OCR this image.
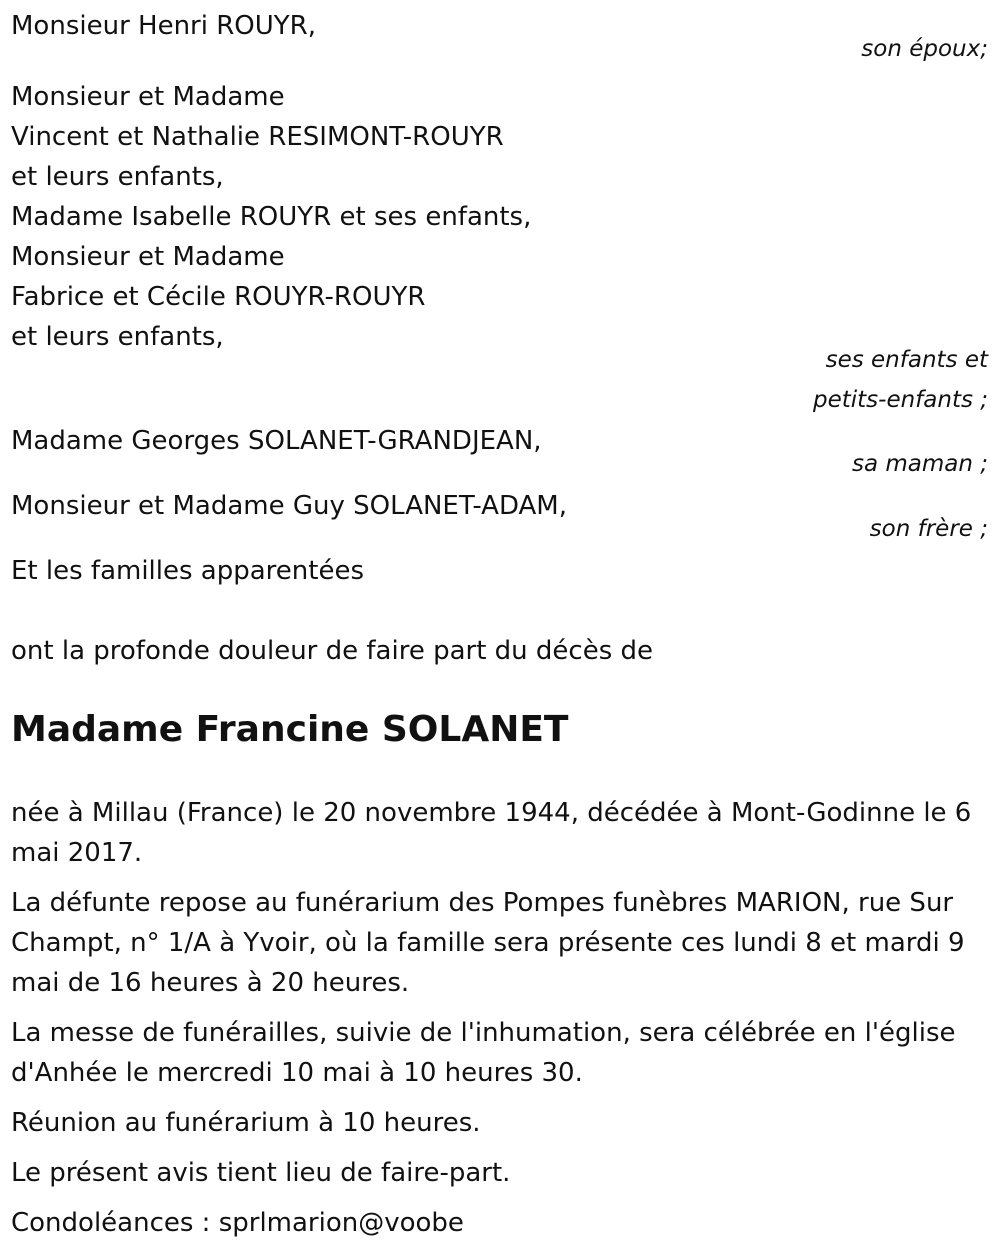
Monsieur Henri ROUYR,
son époux;
Monsieur et Madame
Vincent et Nathalie RESIMONT-ROUYR
et leurs enfants,
Madame Isabelle ROUYR et ses enfants,
Monsieur et Madame
Fabrice et Cécile ROUYR-ROUYR
et leurs enfants,
ses enfants et
petits-enfants ;
Madame Georges SOLANET-GRANDJEAN,
sa maman ;
Monsieur et Madame Guy SOLANET-ADAM,
son frère ;
Et les familles apparentées
ont la profonde douleur de faire part du décès de
Madame Francine SOLANET

née à Millau (France) le 20 novembre 1944, décédée à Mont-Godinne le 6 mai 2017.

La défunte repose au funérarium des Pompes funèbres MARION, rue Sur Champt, n° 1/A à Yvoir, où la famille sera présente ces lundi 8 et mardi 9 mai de 16 heures à 20 heures.

La messe de funérailles, suivie de l'inhumation, sera célébrée en l'église d'Anhée le mercredi 10 mai à 10 heures 30.

Réunion au funérarium à 10 heures.

Le présent avis tient lieu de faire-part.

Condoléances : sprlmarion@voobe
